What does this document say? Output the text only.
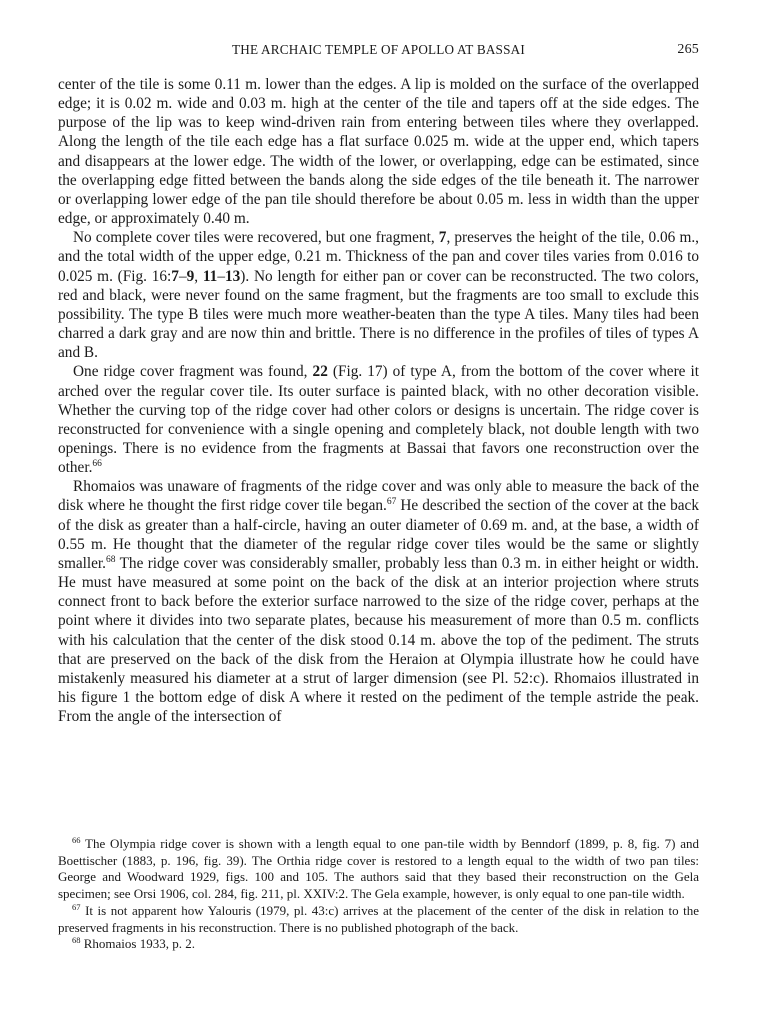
THE ARCHAIC TEMPLE OF APOLLO AT BASSAI	265

center of the tile is some 0.11 m. lower than the edges. A lip is molded on the surface of the overlapped edge; it is 0.02 m. wide and 0.03 m. high at the center of the tile and tapers off at the side edges. The purpose of the lip was to keep wind-driven rain from entering between tiles where they overlapped. Along the length of the tile each edge has a flat surface 0.025 m. wide at the upper end, which tapers and disappears at the lower edge. The width of the lower, or overlapping, edge can be estimated, since the overlapping edge fitted between the bands along the side edges of the tile beneath it. The narrower or overlapping lower edge of the pan tile should therefore be about 0.05 m. less in width than the upper edge, or approximately 0.40 m.

No complete cover tiles were recovered, but one fragment, 7, preserves the height of the tile, 0.06 m., and the total width of the upper edge, 0.21 m. Thickness of the pan and cover tiles varies from 0.016 to 0.025 m. (Fig. 16:7–9, 11–13). No length for either pan or cover can be reconstructed. The two colors, red and black, were never found on the same fragment, but the fragments are too small to exclude this possibility. The type B tiles were much more weather-beaten than the type A tiles. Many tiles had been charred a dark gray and are now thin and brittle. There is no difference in the profiles of tiles of types A and B.

One ridge cover fragment was found, 22 (Fig. 17) of type A, from the bottom of the cover where it arched over the regular cover tile. Its outer surface is painted black, with no other decoration visible. Whether the curving top of the ridge cover had other colors or designs is uncertain. The ridge cover is reconstructed for convenience with a single opening and completely black, not double length with two openings. There is no evidence from the fragments at Bassai that favors one reconstruction over the other.$^{66}$

Rhomaios was unaware of fragments of the ridge cover and was only able to measure the back of the disk where he thought the first ridge cover tile began.$^{67}$ He described the section of the cover at the back of the disk as greater than a half-circle, having an outer diameter of 0.69 m. and, at the base, a width of 0.55 m. He thought that the diameter of the regular ridge cover tiles would be the same or slightly smaller.$^{68}$ The ridge cover was considerably smaller, probably less than 0.3 m. in either height or width. He must have measured at some point on the back of the disk at an interior projection where struts connect front to back before the exterior surface narrowed to the size of the ridge cover, perhaps at the point where it divides into two separate plates, because his measurement of more than 0.5 m. conflicts with his calculation that the center of the disk stood 0.14 m. above the top of the pediment. The struts that are preserved on the back of the disk from the Heraion at Olympia illustrate how he could have mistakenly measured his diameter at a strut of larger dimension (see Pl. 52:c). Rhomaios illustrated in his figure 1 the bottom edge of disk A where it rested on the pediment of the temple astride the peak. From the angle of the intersection of

$^{66}$ The Olympia ridge cover is shown with a length equal to one pan-tile width by Benndorf (1899, p. 8, fig. 7) and Boettischer (1883, p. 196, fig. 39). The Orthia ridge cover is restored to a length equal to the width of two pan tiles: George and Woodward 1929, figs. 100 and 105. The authors said that they based their reconstruction on the Gela specimen; see Orsi 1906, col. 284, fig. 211, pl. XXIV:2. The Gela example, however, is only equal to one pan-tile width.

$^{67}$ It is not apparent how Yalouris (1979, pl. 43:c) arrives at the placement of the center of the disk in relation to the preserved fragments in his reconstruction. There is no published photograph of the back.

$^{68}$ Rhomaios 1933, p. 2.
